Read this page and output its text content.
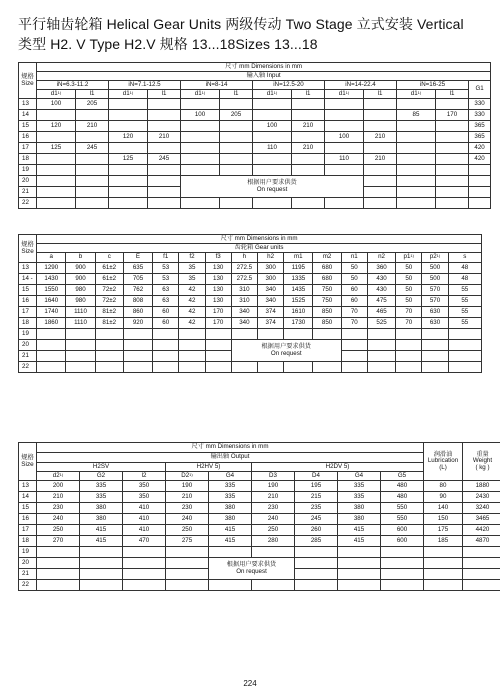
平行轴齿轮箱 Helical Gear Units 两级传动 Two Stage 立式安装 Vertical
类型 H2. V Type H2.V 规格 13...18Sizes 13...18
规格
Size	尺寸 mm Dimensions in mm												
	输入轴 Input												
	iN=6.3-11.2		iN=7.1-12.5		iN=8-14		iN=12.5-20		iN=14-22.4		iN=16-25		G1
	d1$^{1)}$	l1	d1$^{1)}$	l1	d1$^{1)}$	l1	d1$^{1)}$	l1	d1$^{1)}$	l1	d1$^{1)}$	l1	
13	100	205											330
14					100	205					85	170	330
15	120	210					100	210					365
16			120	210					100	210			365
17	125	245					110	210					420
18			125	245					110	210			420
19													
20					根据用户要求供货
On request								

21													
22													
规格
Size	尺寸 mm Dimensions in mm															
	齿轮箱 Gear units															
	a	b	c	E	f1	f2	f3	h	h2	m1	m2	n1	n2	p1$^{1)}$	p2$^{1)}$	s
13	1290	900	61±2	635	53	35	130	272.5	300	1195	680	50	360	50	500	48
14 -	1430	900	61±2	705	53	35	130	272.5	300	1335	680	50	430	50	500	48
15	1550	980	72±2	762	63	42	130	310	340	1435	750	60	430	50	570	55
16	1640	980	72±2	808	63	42	130	310	340	1525	750	60	475	50	570	55
17	1740	1110	81±2	860	60	42	170	340	374	1610	850	70	465	70	630	55
18	1860	1110	81±2	920	60	42	170	340	374	1730	850	70	525	70	630	55
19																
20								根据用户要求供货
On request								

21																
22																
规格
Size	尺寸 mm Dimensions in mm									润滑油
Lubrication
(L)	重量
Weight
( kg )
	输出轴 Output										
	H2SV			H2HV 5)		H2DV 5)					
	d2$^{1)}$	G2	l2	D2$^{1)}$	G4	D3	D4	G4	G5		
13	200	335	350	190	335	190	195	335	480	80	1880
14	210	335	350	210	335	210	215	335	480	90	2430
15	230	380	410	230	380	230	235	380	550	140	3240
16	240	380	410	240	380	240	245	380	550	150	3465
17	250	415	410	250	415	250	260	415	600	175	4420
18	270	415	470	275	415	280	285	415	600	185	4870
19											
20					根据用户要求供货
On request						

21											
22											
224
